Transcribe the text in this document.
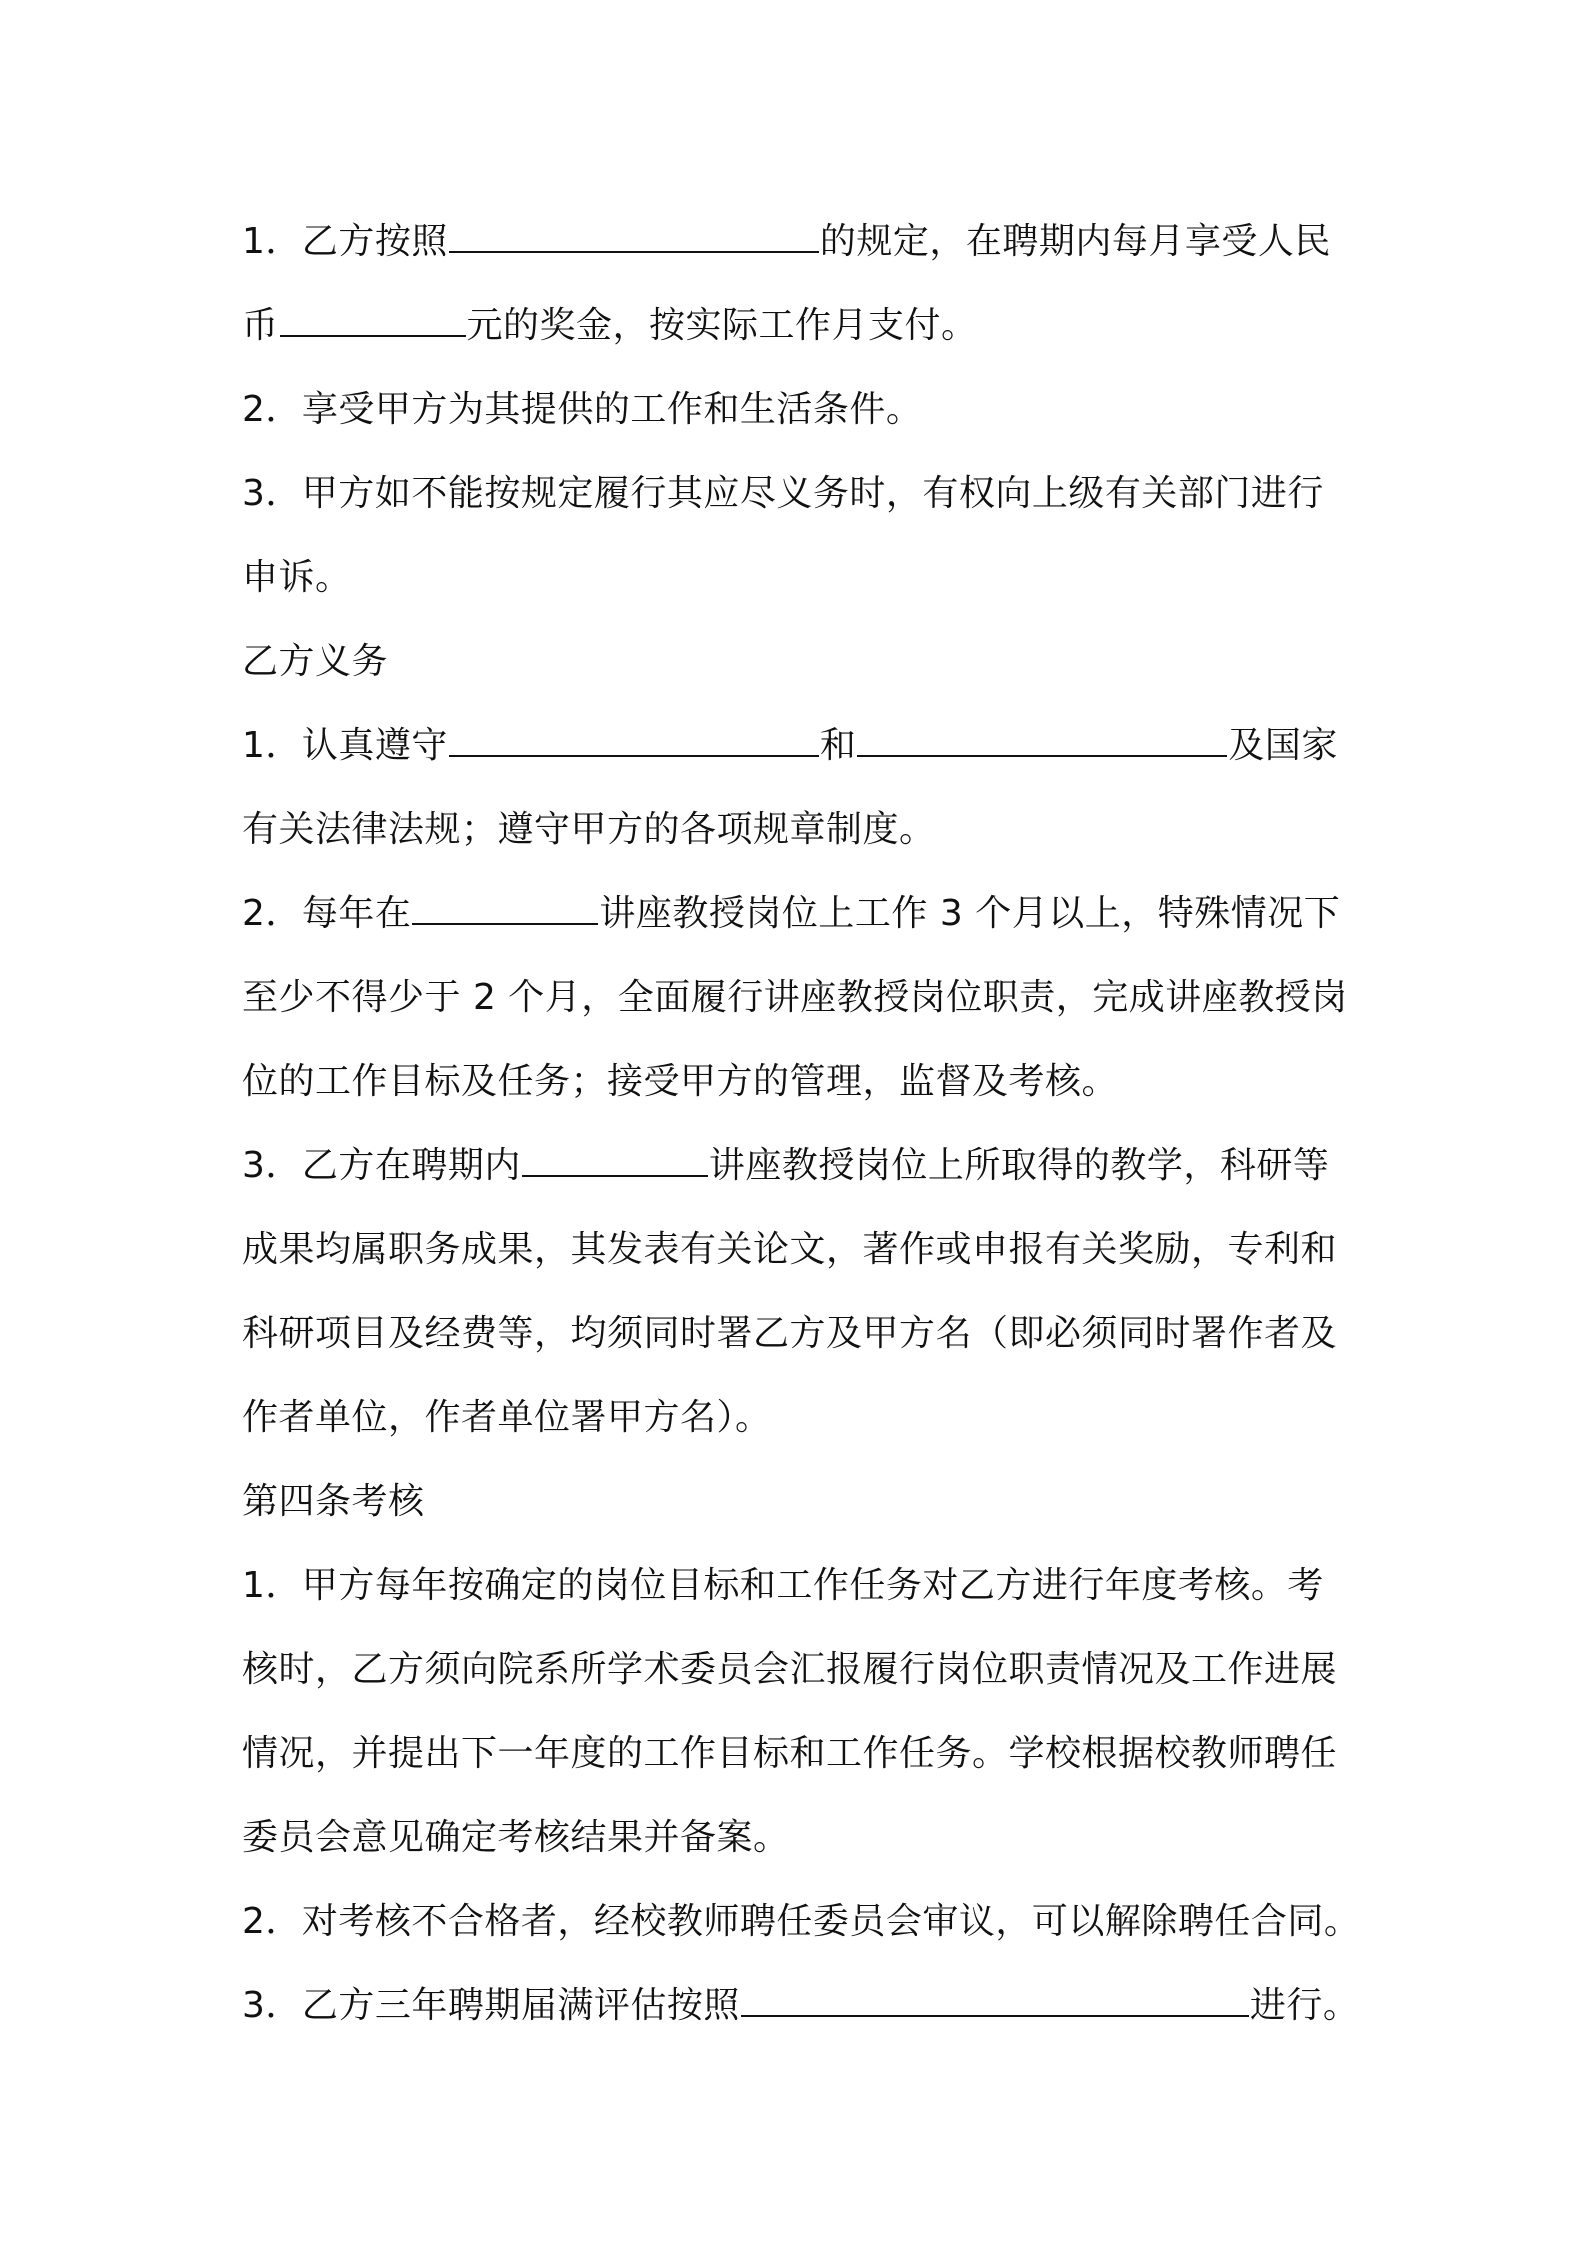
1．乙方按照	的规定，在聘期内每月享受人民
币	元的奖金，按实际工作月支付。
2．享受甲方为其提供的工作和生活条件。
3．甲方如不能按规定履行其应尽义务时，有权向上级有关部门进行
申诉。
乙方义务
1．认真遵守	和	及国家
有关法律法规；遵守甲方的各项规章制度。
2．每年在	讲座教授岗位上工作 3 个月以上，特殊情况下
至少不得少于 2 个月，全面履行讲座教授岗位职责，完成讲座教授岗
位的工作目标及任务；接受甲方的管理，监督及考核。
3．乙方在聘期内	讲座教授岗位上所取得的教学，科研等
成果均属职务成果，其发表有关论文，著作或申报有关奖励，专利和
科研项目及经费等，均须同时署乙方及甲方名（即必须同时署作者及
作者单位，作者单位署甲方名）。
第四条考核
1．甲方每年按确定的岗位目标和工作任务对乙方进行年度考核。考
核时，乙方须向院系所学术委员会汇报履行岗位职责情况及工作进展
情况，并提出下一年度的工作目标和工作任务。学校根据校教师聘任
委员会意见确定考核结果并备案。
2．对考核不合格者，经校教师聘任委员会审议，可以解除聘任合同。
3．乙方三年聘期届满评估按照	进行。
